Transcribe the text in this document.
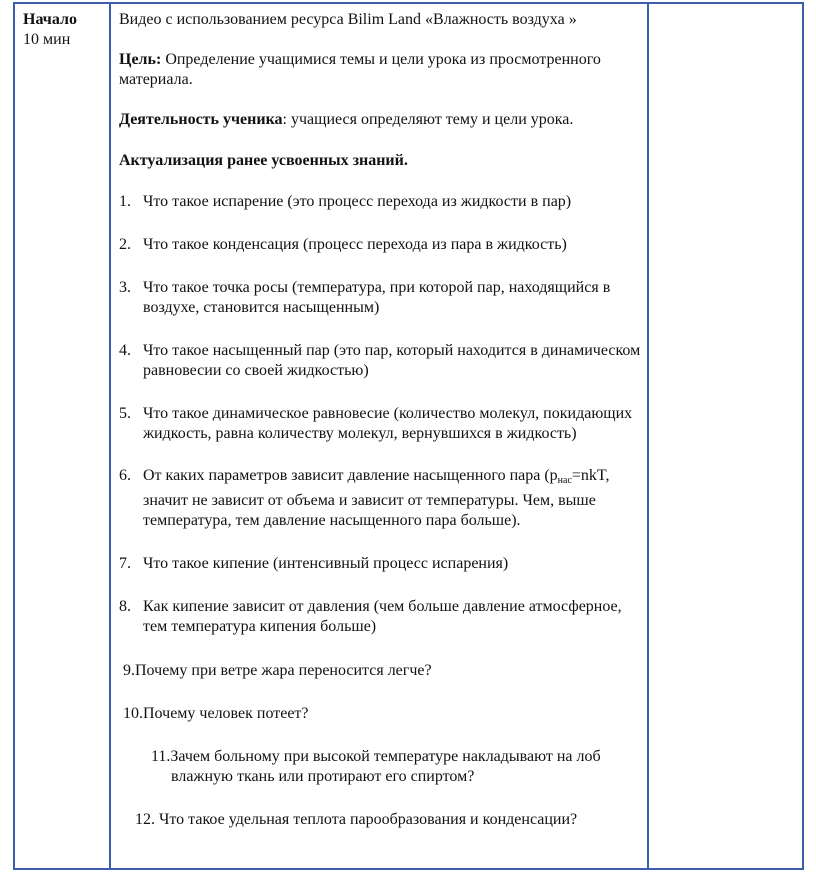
Начало
10 мин

Видео с использованием ресурса Bilim Land «Влажность воздуха »

Цель: Определение учащимися темы и цели урока из просмотренного материала.

Деятельность ученика: учащиеся определяют тему и цели урока.

Актуализация ранее усвоенных знаний.

1. Что такое испарение (это процесс перехода из жидкости в пар)
2. Что такое конденсация (процесс перехода из пара в жидкость)
3. Что такое точка росы (температура, при которой пар, находящийся в воздухе, становится насыщенным)
4. Что такое насыщенный пар (это пар, который находится в динамическом равновесии со своей жидкостью)
5. Что такое динамическое равновесие (количество молекул, покидающих жидкость, равна количеству молекул, вернувшихся в жидкость)
6. От каких параметров зависит давление насыщенного пара ($р_{нас}=nkT$, значит не зависит от объема и зависит от температуры. Чем, выше температура, тем давление насыщенного пара больше).
7. Что такое кипение (интенсивный процесс испарения)
8. Как кипение зависит от давления (чем больше давление атмосферное, тем температура кипения больше)

9.Почему при ветре жара переносится легче?

10.Почему человек потеет?

11.Зачем больному при высокой температуре накладывают на лоб влажную ткань или протирают его спиртом?

12. Что такое удельная теплота парообразования и конденсации?
